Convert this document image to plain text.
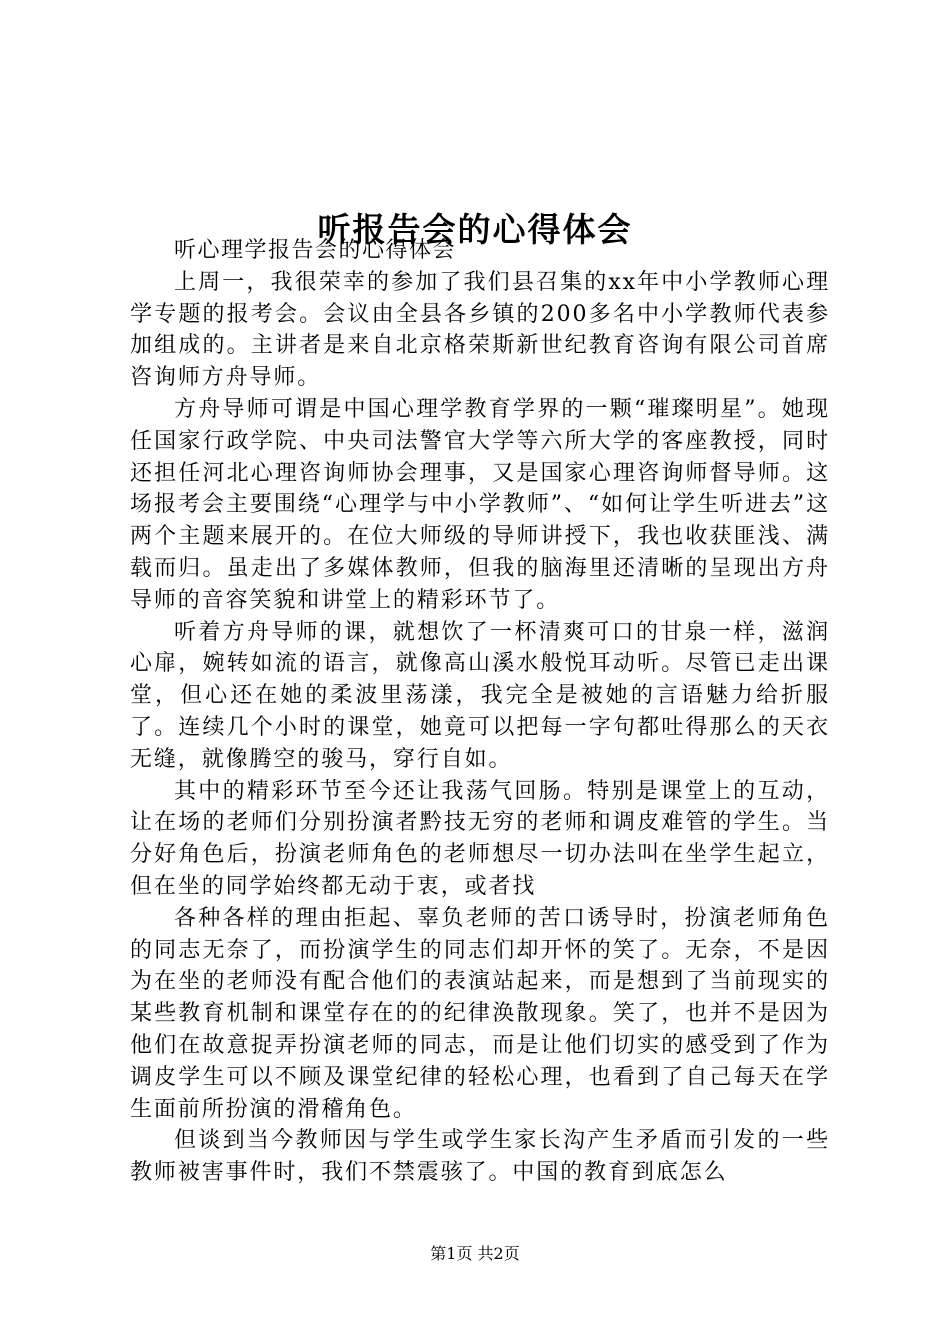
听报告会的心得体会

听心理学报告会的心得体会

上周一，我很荣幸的参加了我们县召集的xx年中小学教师心理学专题的报考会。会议由全县各乡镇的200多名中小学教师代表参加组成的。主讲者是来自北京格荣斯新世纪教育咨询有限公司首席咨询师方舟导师。

方舟导师可谓是中国心理学教育学界的一颗“璀璨明星”。她现任国家行政学院、中央司法警官大学等六所大学的客座教授，同时还担任河北心理咨询师协会理事，又是国家心理咨询师督导师。这场报考会主要围绕“心理学与中小学教师”、“如何让学生听进去”这两个主题来展开的。在位大师级的导师讲授下，我也收获匪浅、满载而归。虽走出了多媒体教师，但我的脑海里还清晰的呈现出方舟导师的音容笑貌和讲堂上的精彩环节了。

听着方舟导师的课，就想饮了一杯清爽可口的甘泉一样，滋润心扉，婉转如流的语言，就像高山溪水般悦耳动听。尽管已走出课堂，但心还在她的柔波里荡漾，我完全是被她的言语魅力给折服了。连续几个小时的课堂，她竟可以把每一字句都吐得那么的天衣无缝，就像腾空的骏马，穿行自如。

其中的精彩环节至今还让我荡气回肠。特别是课堂上的互动，让在场的老师们分别扮演者黔技无穷的老师和调皮难管的学生。当分好角色后，扮演老师角色的老师想尽一切办法叫在坐学生起立，但在坐的同学始终都无动于衷，或者找

各种各样的理由拒起、辜负老师的苦口诱导时，扮演老师角色的同志无奈了，而扮演学生的同志们却开怀的笑了。无奈，不是因为在坐的老师没有配合他们的表演站起来，而是想到了当前现实的某些教育机制和课堂存在的的纪律涣散现象。笑了，也并不是因为他们在故意捉弄扮演老师的同志，而是让他们切实的感受到了作为调皮学生可以不顾及课堂纪律的轻松心理，也看到了自己每天在学生面前所扮演的滑稽角色。

但谈到当今教师因与学生或学生家长沟产生矛盾而引发的一些教师被害事件时，我们不禁震骇了。中国的教育到底怎么

第1页 共2页
